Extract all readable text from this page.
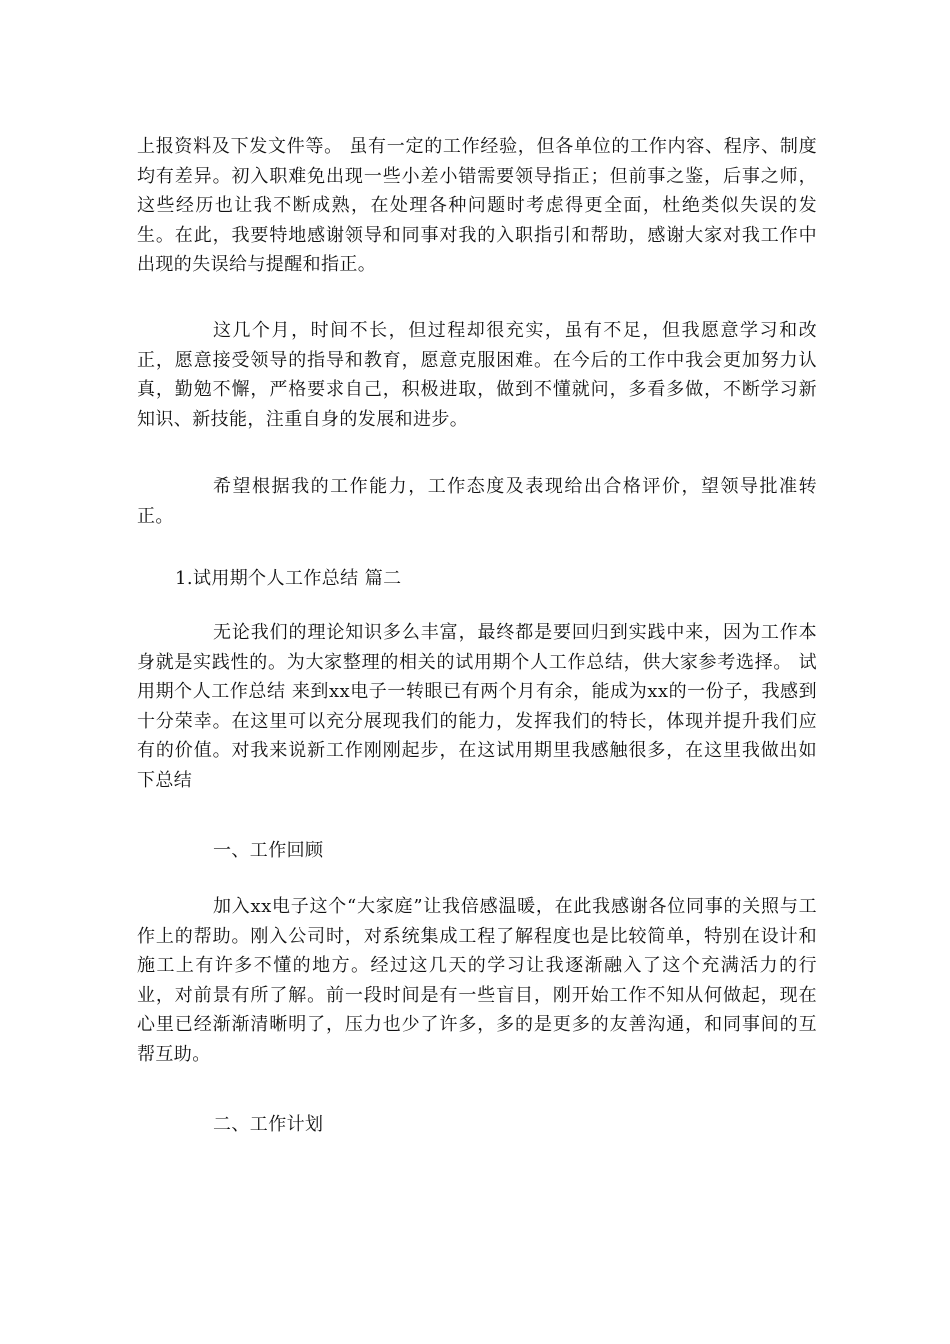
上报资料及下发文件等。 虽有一定的工作经验，但各单位的工作内容、程序、制度均有差异。初入职难免出现一些小差小错需要领导指正；但前事之鉴，后事之师，这些经历也让我不断成熟，在处理各种问题时考虑得更全面，杜绝类似失误的发生。在此，我要特地感谢领导和同事对我的入职指引和帮助，感谢大家对我工作中出现的失误给与提醒和指正。

这几个月，时间不长，但过程却很充实，虽有不足，但我愿意学习和改正，愿意接受领导的指导和教育，愿意克服困难。在今后的工作中我会更加努力认真，勤勉不懈，严格要求自己，积极进取，做到不懂就问，多看多做，不断学习新知识、新技能，注重自身的发展和进步。

希望根据我的工作能力，工作态度及表现给出合格评价，望领导批准转正。

1.试用期个人工作总结 篇二

无论我们的理论知识多么丰富，最终都是要回归到实践中来，因为工作本身就是实践性的。为大家整理的相关的试用期个人工作总结，供大家参考选择。 试用期个人工作总结 来到xx电子一转眼已有两个月有余，能成为xx的一份子，我感到十分荣幸。在这里可以充分展现我们的能力，发挥我们的特长，体现并提升我们应有的价值。对我来说新工作刚刚起步，在这试用期里我感触很多，在这里我做出如下总结

一、工作回顾

加入xx电子这个“大家庭”让我倍感温暖，在此我感谢各位同事的关照与工作上的帮助。刚入公司时，对系统集成工程了解程度也是比较简单，特别在设计和施工上有许多不懂的地方。经过这几天的学习让我逐渐融入了这个充满活力的行业，对前景有所了解。前一段时间是有一些盲目，刚开始工作不知从何做起，现在心里已经渐渐清晰明了，压力也少了许多，多的是更多的友善沟通，和同事间的互帮互助。

二、工作计划
